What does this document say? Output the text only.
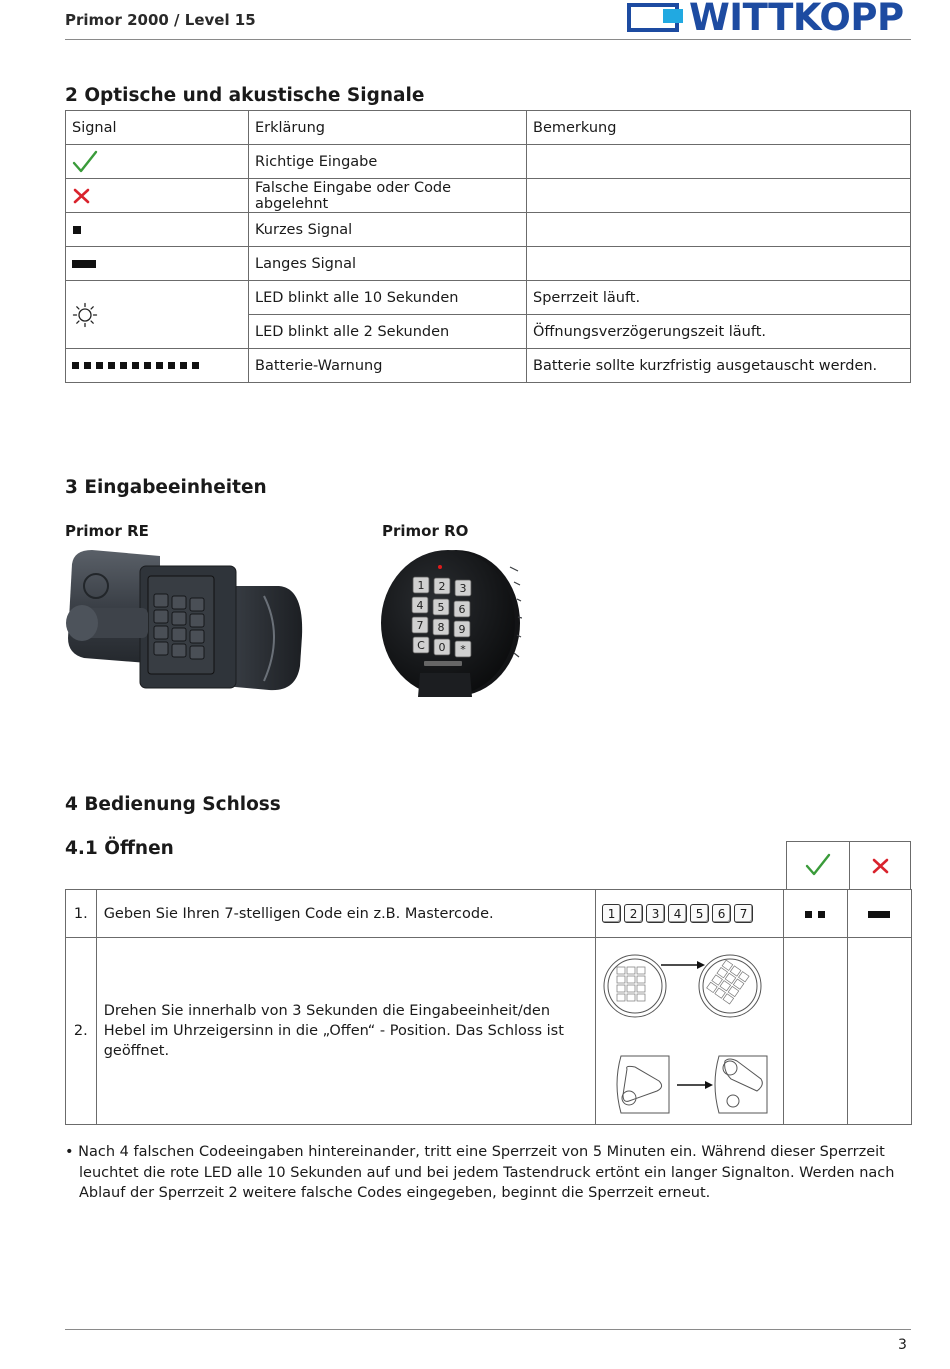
Primor 2000 / Level 15	WITTKOPP
2 Optische und akustische Signale
Signal	Erklärung	Bemerkung
	Richtige Eingabe	
	Falsche Eingabe oder Code abgelehnt	
	Kurzes Signal	
	Langes Signal	
	LED blinkt alle 10 Sekunden	Sperrzeit läuft.
	LED blinkt alle 2 Sekunden	Öffnungsverzögerungszeit läuft.
	Batterie-Warnung	Batterie sollte kurzfristig ausgetauscht werden.
3 Eingabeeinheiten
Primor RE	Primor RO
1 2 3
4 5 6
7 8 9
C 0 *
4 Bedienung Schloss
4.1 Öffnen
1.	Geben Sie Ihren 7-stelligen Code ein z.B. Mastercode.	1 2 3 4 5 6 7		
2.	Drehen Sie innerhalb von 3 Sekunden die Eingabeeinheit/den Hebel im Uhrzeigersinn in die „Offen“ - Position. Das Schloss ist geöffnet.	

• Nach 4 falschen Codeeingaben hintereinander, tritt eine Sperrzeit von 5 Minuten ein. Während dieser Sperrzeit leuchtet die rote LED alle 10 Sekunden auf und bei jedem Tastendruck ertönt ein langer Signalton. Werden nach Ablauf der Sperrzeit 2 weitere falsche Codes eingegeben, beginnt die Sperrzeit erneut.
3
